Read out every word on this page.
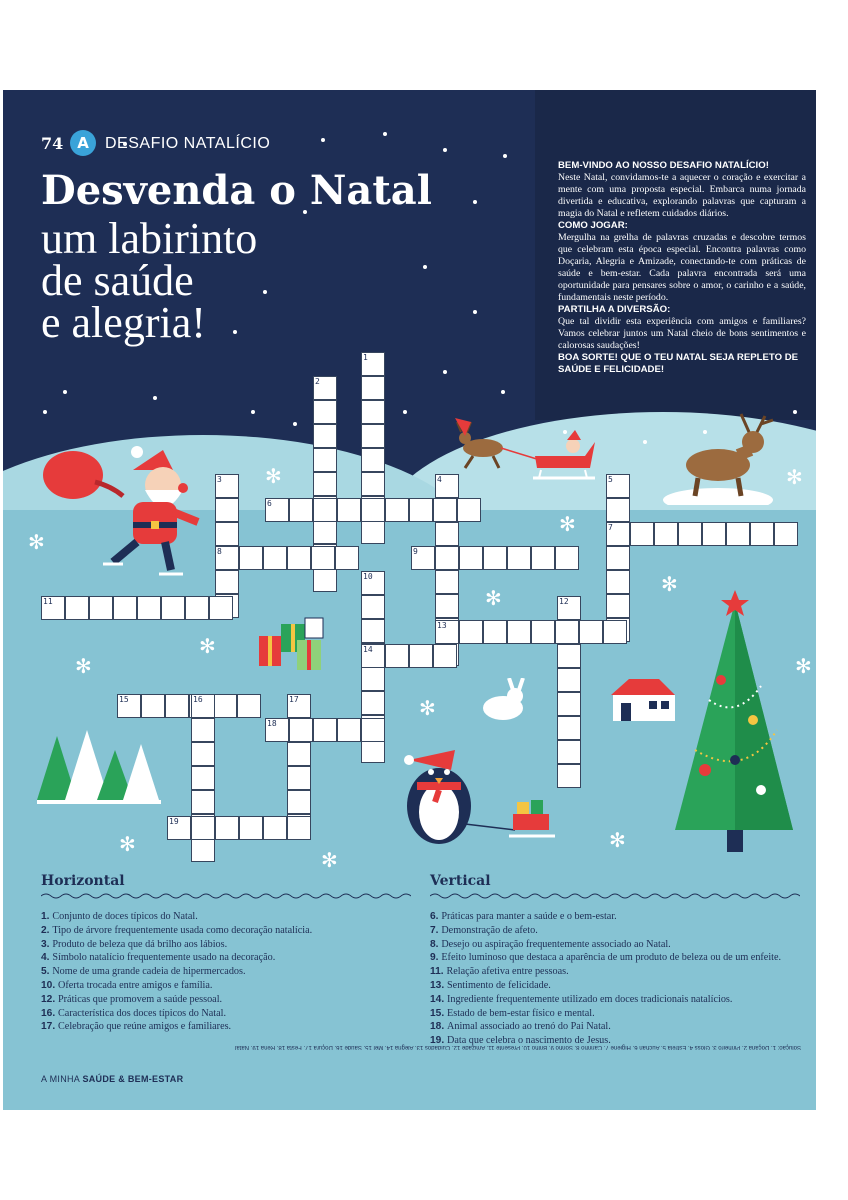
✻
✻
✻
✻
✻
✻
✻
✻
✻
✻
✻
✻
✻
74 A	DESAFIO NATALÍCIO
Desvenda o Natal
um labirinto
de saúde
e alegria!
BEM-VINDO AO NOSSO DESAFIO NATALÍCIO!

Neste Natal, convidamos-te a aquecer o coração e exercitar a mente com uma proposta especial. Embarca numa jornada divertida e educativa, explorando palavras que capturam a magia do Natal e refletem cuidados diários.

COMO JOGAR:

Mergulha na grelha de palavras cruzadas e descobre termos que celebram esta época especial. Encontra palavras como Doçaria, Alegria e Amizade, conectando-te com práticas de saúde e bem-estar. Cada palavra encontrada será uma oportunidade para pensares sobre o amor, o carinho e a saúde, fundamentais neste período.

PARTILHA A DIVERSÃO:

Que tal dividir esta experiência com amigos e familiares? Vamos celebrar juntos um Natal cheio de bons sentimentos e calorosas saudações!

BOA SORTE! QUE O TEU NATAL SEJA REPLETO DE SAÚDE E FELICIDADE!
1
2
3	4	5
6
7
8	9
10
11	12
13
14
15	16	17
18
19
Horizontal
1. Conjunto de doces típicos do Natal.
2. Tipo de árvore frequentemente usada como decoração natalícia.
3. Produto de beleza que dá brilho aos lábios.
4. Símbolo natalício frequentemente usado na decoração.
5. Nome de uma grande cadeia de hipermercados.
10. Oferta trocada entre amigos e família.
12. Práticas que promovem a saúde pessoal.
16. Característica dos doces típicos do Natal.
17. Celebração que reúne amigos e familiares.
Vertical
6. Práticas para manter a saúde e o bem-estar.
7. Demonstração de afeto.
8. Desejo ou aspiração frequentemente associado ao Natal.
9. Efeito luminoso que destaca a aparência de um produto de beleza ou de um enfeite.
11. Relação afetiva entre pessoas.
13. Sentimento de felicidade.
14. Ingrediente frequentemente utilizado em doces tradicionais natalícios.
15. Estado de bem-estar físico e mental.
18. Animal associado ao trenó do Pai Natal.
19. Data que celebra o nascimento de Jesus.
Solução: 1. Doçaria 2. Pinheiro 3. Gloss 4. Estrela 5. Auchan 6. Higiene 7. Carinho 8. Sonho 9. Brilho 10. Presente 11. Amizade 12. Cuidados 13. Alegria 14. Mel 15. Saúde 16. Doçura 17. Festa 18. Rena 19. Natal
A MINHA SAÚDE & BEM-ESTAR
